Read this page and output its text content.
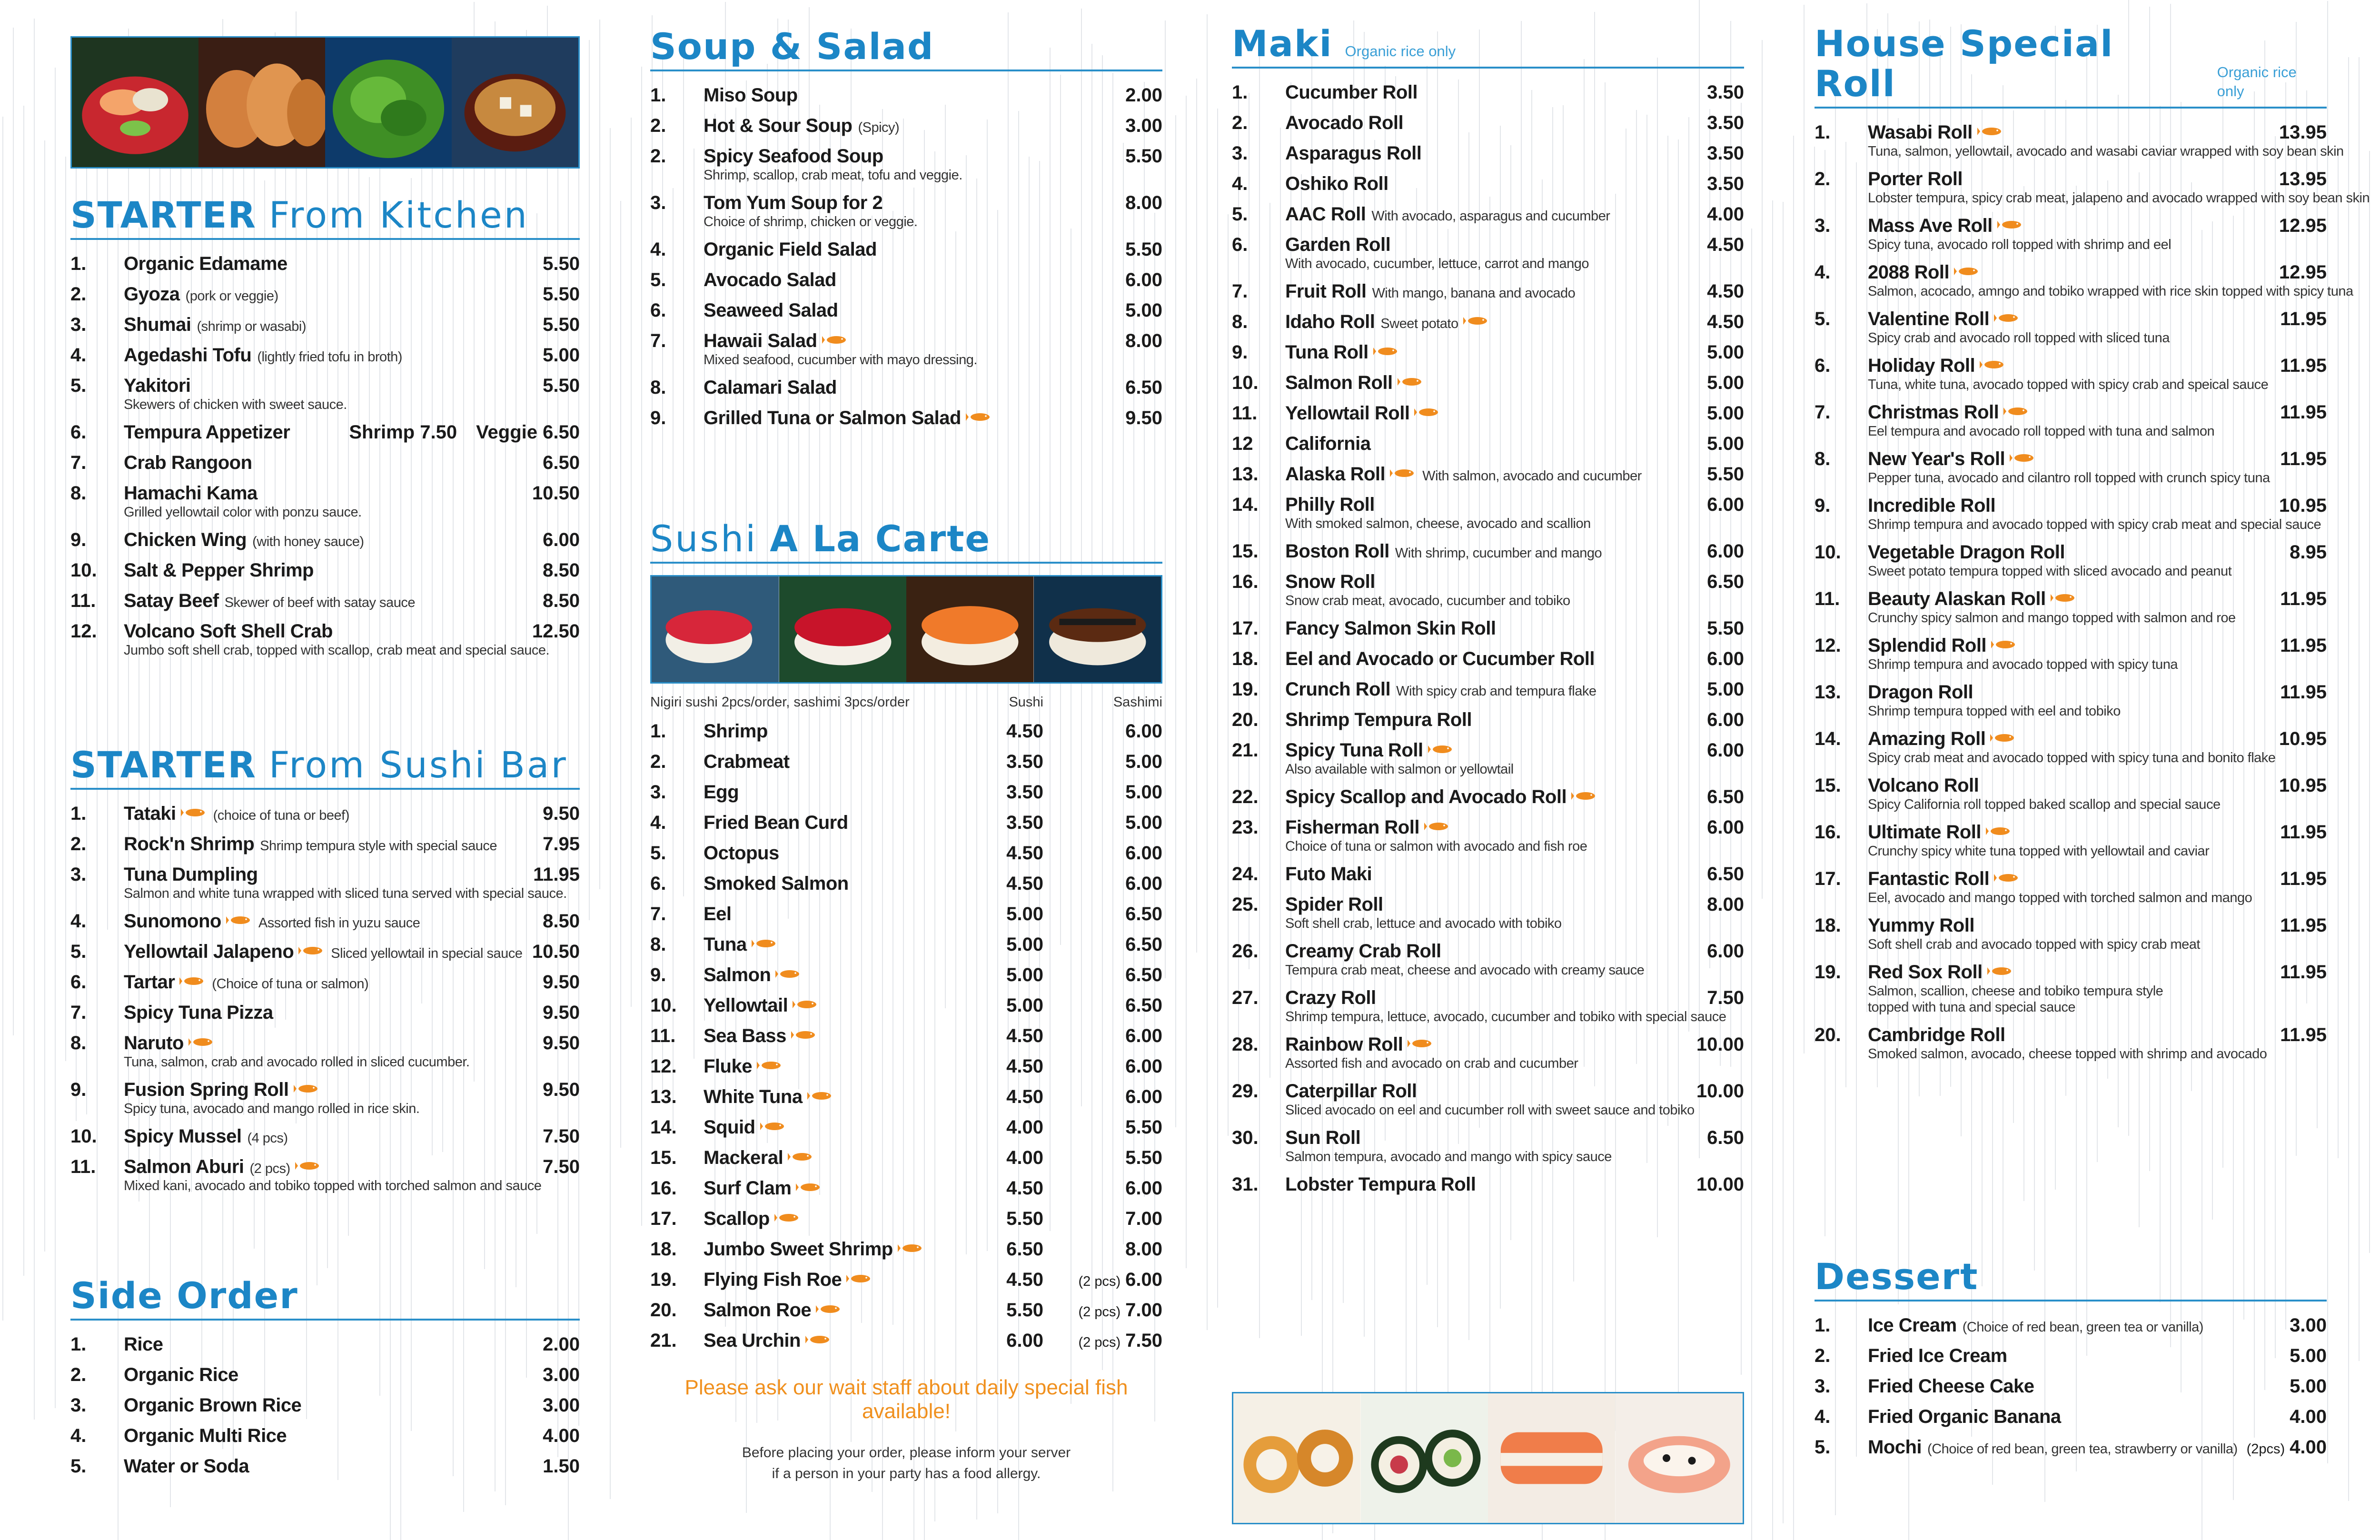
STARTER From Kitchen
1.	Organic Edamame	5.50
2.	Gyoza (pork or veggie)	5.50
3.	Shumai (shrimp or wasabi)	5.50
4.	Agedashi Tofu (lightly fried tofu in broth)	5.00
5.	Yakitori	5.50
Skewers of chicken with sweet sauce.
6.	Tempura Appetizer	Shrimp 7.50 Veggie 6.50
7.	Crab Rangoon	6.50
8.	Hamachi Kama	10.50
Grilled yellowtail color with ponzu sauce.
9.	Chicken Wing (with honey sauce)	6.00
10.	Salt & Pepper Shrimp	8.50
11.	Satay Beef Skewer of beef with satay sauce	8.50
12.	Volcano Soft Shell Crab	12.50
Jumbo soft shell crab, topped with scallop, crab meat and special sauce.
STARTER From Sushi Bar
1.	Tataki	(choice of tuna or beef)	9.50
2.	Rock'n Shrimp Shrimp tempura style with special sauce 7.95
3.	Tuna Dumpling	11.95
Salmon and white tuna wrapped with sliced tuna served with special sauce.
4.	Sunomono	Assorted fish in yuzu sauce	8.50
5.	Yellowtail Jalapeno	Sliced yellowtail in special sauce 10.50
6.	Tartar	(Choice of tuna or salmon)	9.50
7.	Spicy Tuna Pizza	9.50
8.	Naruto	9.50
Tuna, salmon, crab and avocado rolled in sliced cucumber.
9.	Fusion Spring Roll	9.50
Spicy tuna, avocado and mango rolled in rice skin.
10.	Spicy Mussel (4 pcs)	7.50
11.	Salmon Aburi (2 pcs)	7.50
Mixed kani, avocado and tobiko topped with torched salmon and sauce
Side Order
1.	Rice	2.00
2.	Organic Rice	3.00
3.	Organic Brown Rice	3.00
4.	Organic Multi Rice	4.00
5.	Water or Soda	1.50
Soup & Salad
1.	Miso Soup	2.00
2.	Hot & Sour Soup (Spicy)	3.00
2.	Spicy Seafood Soup	5.50
Shrimp, scallop, crab meat, tofu and veggie.
3.	Tom Yum Soup for 2	8.00
Choice of shrimp, chicken or veggie.
4.	Organic Field Salad	5.50
5.	Avocado Salad	6.00
6.	Seaweed Salad	5.00
7.	Hawaii Salad	8.00
Mixed seafood, cucumber with mayo dressing.
8.	Calamari Salad	6.50
9.	Grilled Tuna or Salmon Salad	9.50
Sushi A La Carte
Nigiri sushi 2pcs/order, sashimi 3pcs/order	Sushi	Sashimi
1.	Shrimp	4.50	6.00
2.	Crabmeat	3.50	5.00
3.	Egg	3.50	5.00
4.	Fried Bean Curd	3.50	5.00
5.	Octopus	4.50	6.00
6.	Smoked Salmon	4.50	6.00
7.	Eel	5.00	6.50
8.	Tuna	5.00	6.50
9.	Salmon	5.00	6.50
10.	Yellowtail	5.00	6.50
11.	Sea Bass	4.50	6.00
12.	Fluke	4.50	6.00
13.	White Tuna	4.50	6.00
14.	Squid	4.00	5.50
15.	Mackeral	4.00	5.50
16.	Surf Clam	4.50	6.00
17.	Scallop	5.50	7.00
18.	Jumbo Sweet Shrimp	6.50	8.00
19.	Flying Fish Roe	4.50	(2 pcs) 6.00
20.	Salmon Roe	5.50	(2 pcs) 7.00
21.	Sea Urchin	6.00	(2 pcs) 7.50
Please ask our wait staff about daily special fish available!
Before placing your order, please inform your server
if a person in your party has a food allergy.
Maki Organic rice only
1.	Cucumber Roll	3.50
2.	Avocado Roll	3.50
3.	Asparagus Roll	3.50
4.	Oshiko Roll	3.50
5.	AAC Roll With avocado, asparagus and cucumber	4.00
6.	Garden Roll	4.50
With avocado, cucumber, lettuce, carrot and mango
7.	Fruit Roll With mango, banana and avocado	4.50
8.	Idaho Roll Sweet potato	4.50
9.	Tuna Roll	5.00
10.	Salmon Roll	5.00
11.	Yellowtail Roll	5.00
12	California	5.00
13.	Alaska Roll	With salmon, avocado and cucumber	5.50
14.	Philly Roll	6.00
With smoked salmon, cheese, avocado and scallion
15.	Boston Roll With shrimp, cucumber and mango	6.00
16.	Snow Roll	6.50
Snow crab meat, avocado, cucumber and tobiko
17.	Fancy Salmon Skin Roll	5.50
18.	Eel and Avocado or Cucumber Roll	6.00
19.	Crunch Roll With spicy crab and tempura flake	5.00
20.	Shrimp Tempura Roll	6.00
21.	Spicy Tuna Roll	6.00
Also available with salmon or yellowtail
22.	Spicy Scallop and Avocado Roll	6.50
23.	Fisherman Roll	6.00
Choice of tuna or salmon with avocado and fish roe
24.	Futo Maki	6.50
25.	Spider Roll	8.00
Soft shell crab, lettuce and avocado with tobiko
26.	Creamy Crab Roll	6.00
Tempura crab meat, cheese and avocado with creamy sauce
27.	Crazy Roll	7.50
Shrimp tempura, lettuce, avocado, cucumber and tobiko with special sauce
28.	Rainbow Roll	10.00
Assorted fish and avocado on crab and cucumber
29.	Caterpillar Roll	10.00
Sliced avocado on eel and cucumber roll with sweet sauce and tobiko
30.	Sun Roll	6.50
Salmon tempura, avocado and mango with spicy sauce
31.	Lobster Tempura Roll	10.00
House Special Roll	Organic rice only
1.	Wasabi Roll	13.95
Tuna, salmon, yellowtail, avocado and wasabi caviar wrapped with soy bean skin
2.	Porter Roll	13.95
Lobster tempura, spicy crab meat, jalapeno and avocado wrapped with soy bean skin
3.	Mass Ave Roll	12.95
Spicy tuna, avocado roll topped with shrimp and eel
4.	2088 Roll	12.95
Salmon, acocado, amngo and tobiko wrapped with rice skin topped with spicy tuna
5.	Valentine Roll	11.95
Spicy crab and avocado roll topped with sliced tuna
6.	Holiday Roll	11.95
Tuna, white tuna, avocado topped with spicy crab and speical sauce
7.	Christmas Roll	11.95
Eel tempura and avocado roll topped with tuna and salmon
8.	New Year's Roll	11.95
Pepper tuna, avocado and cilantro roll topped with crunch spicy tuna
9.	Incredible Roll	10.95
Shrimp tempura and avocado topped with spicy crab meat and special sauce
10.	Vegetable Dragon Roll	8.95
Sweet potato tempura topped with sliced avocado and peanut
11.	Beauty Alaskan Roll	11.95
Crunchy spicy salmon and mango topped with salmon and roe
12.	Splendid Roll	11.95
Shrimp tempura and avocado topped with spicy tuna
13.	Dragon Roll	11.95
Shrimp tempura topped with eel and tobiko
14.	Amazing Roll	10.95
Spicy crab meat and avocado topped with spicy tuna and bonito flake
15.	Volcano Roll	10.95
Spicy California roll topped baked scallop and special sauce
16.	Ultimate Roll	11.95
Crunchy spicy white tuna topped with yellowtail and caviar
17.	Fantastic Roll	11.95
Eel, avocado and mango topped with torched salmon and mango
18.	Yummy Roll	11.95
Soft shell crab and avocado topped with spicy crab meat
19.	Red Sox Roll	11.95
Salmon, scallion, cheese and tobiko tempura style
topped with tuna and special sauce
20.	Cambridge Roll	11.95
Smoked salmon, avocado, cheese topped with shrimp and avocado
Dessert
1.	Ice Cream (Choice of red bean, green tea or vanilla)	3.00
2.	Fried Ice Cream	5.00
3.	Fried Cheese Cake	5.00
4.	Fried Organic Banana	4.00
5.	Mochi (Choice of red bean, green tea, strawberry or vanilla) (2pcs) 4.00
